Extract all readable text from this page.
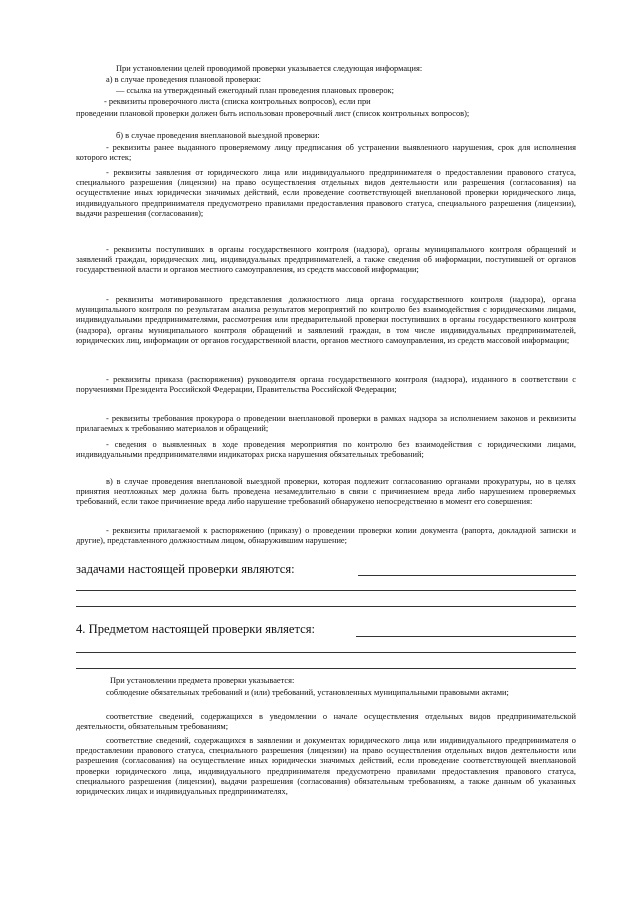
При установлении целей проводимой проверки указывается следующая информация:

а) в случае проведения плановой проверки:

— ссылка на утвержденный ежегодный план проведения плановых проверок;

- реквизиты проверочного листа (списка контрольных вопросов), если при

проведении плановой проверки должен быть использован проверочный лист (список контрольных вопросов);

б) в случае проведения внеплановой выездной проверки:

- реквизиты ранее выданного проверяемому лицу предписания об устранении выявленного нарушения, срок для исполнения которого истек;

- реквизиты заявления от юридического лица или индивидуального предпринимателя о предоставлении правового статуса, специального разрешения (лицензии) на право осуществления отдельных видов деятельности или разрешения (согласования) на осуществление иных юридически значимых действий, если проведение соответствующей внеплановой проверки юридического лица, индивидуального предпринимателя предусмотрено правилами предоставления правового статуса, специального разрешения (лицензии), выдачи разрешения (согласования);

- реквизиты поступивших в органы государственного контроля (надзора), органы муниципального контроля обращений и заявлений граждан, юридических лиц, индивидуальных предпринимателей, а также сведения об информации, поступившей от органов государственной власти и органов местного самоуправления, из средств массовой информации;

- реквизиты мотивированного представления должностного лица органа государственного контроля (надзора), органа муниципального контроля по результатам анализа результатов мероприятий по контролю без взаимодействия с юридическими лицами, индивидуальными предпринимателями, рассмотрения или предварительной проверки поступивших в органы государственного контроля (надзора), органы муниципального контроля обращений и заявлений граждан, в том числе индивидуальных предпринимателей, юридических лиц, информации от органов государственной власти, органов местного самоуправления, из средств массовой информации;

- реквизиты приказа (распоряжения) руководителя органа государственного контроля (надзора), изданного в соответствии с поручениями Президента Российской Федерации, Правительства Российской Федерации;

- реквизиты требования прокурора о проведении внеплановой проверки в рамках надзора за исполнением законов и реквизиты прилагаемых к требованию материалов и обращений;

- сведения о выявленных в ходе проведения мероприятия по контролю без взаимодействия с юридическими лицами, индивидуальными предпринимателями индикаторах риска нарушения обязательных требований;

в) в случае проведения внеплановой выездной проверки, которая подлежит согласованию органами прокуратуры, но в целях принятия неотложных мер должна быть проведена незамедлительно в связи с причинением вреда либо нарушением проверяемых требований, если такое причинение вреда либо нарушение требований обнаружено непосредственно в момент его совершения:

- реквизиты прилагаемой к распоряжению (приказу) о проведении проверки копии документа (рапорта, докладной записки и другие), представленного должностным лицом, обнаружившим нарушение;

задачами настоящей проверки являются:
4. Предметом настоящей проверки является:

При установлении предмета проверки указывается:

соблюдение обязательных требований и (или) требований, установленных муниципальными правовыми актами;

соответствие сведений, содержащихся в уведомлении о начале осуществления отдельных видов предпринимательской деятельности, обязательным требованиям;

соответствие сведений, содержащихся в заявлении и документах юридического лица или индивидуального предпринимателя о предоставлении правового статуса, специального разрешения (лицензии) на право осуществления отдельных видов деятельности или разрешения (согласования) на осуществление иных юридически значимых действий, если проведение соответствующей внеплановой проверки юридического лица, индивидуального предпринимателя предусмотрено правилами предоставления правового статуса, специального разрешения (лицензии), выдачи разрешения (согласования) обязательным требованиям, а также данным об указанных юридических лицах и индивидуальных предпринимателях,
